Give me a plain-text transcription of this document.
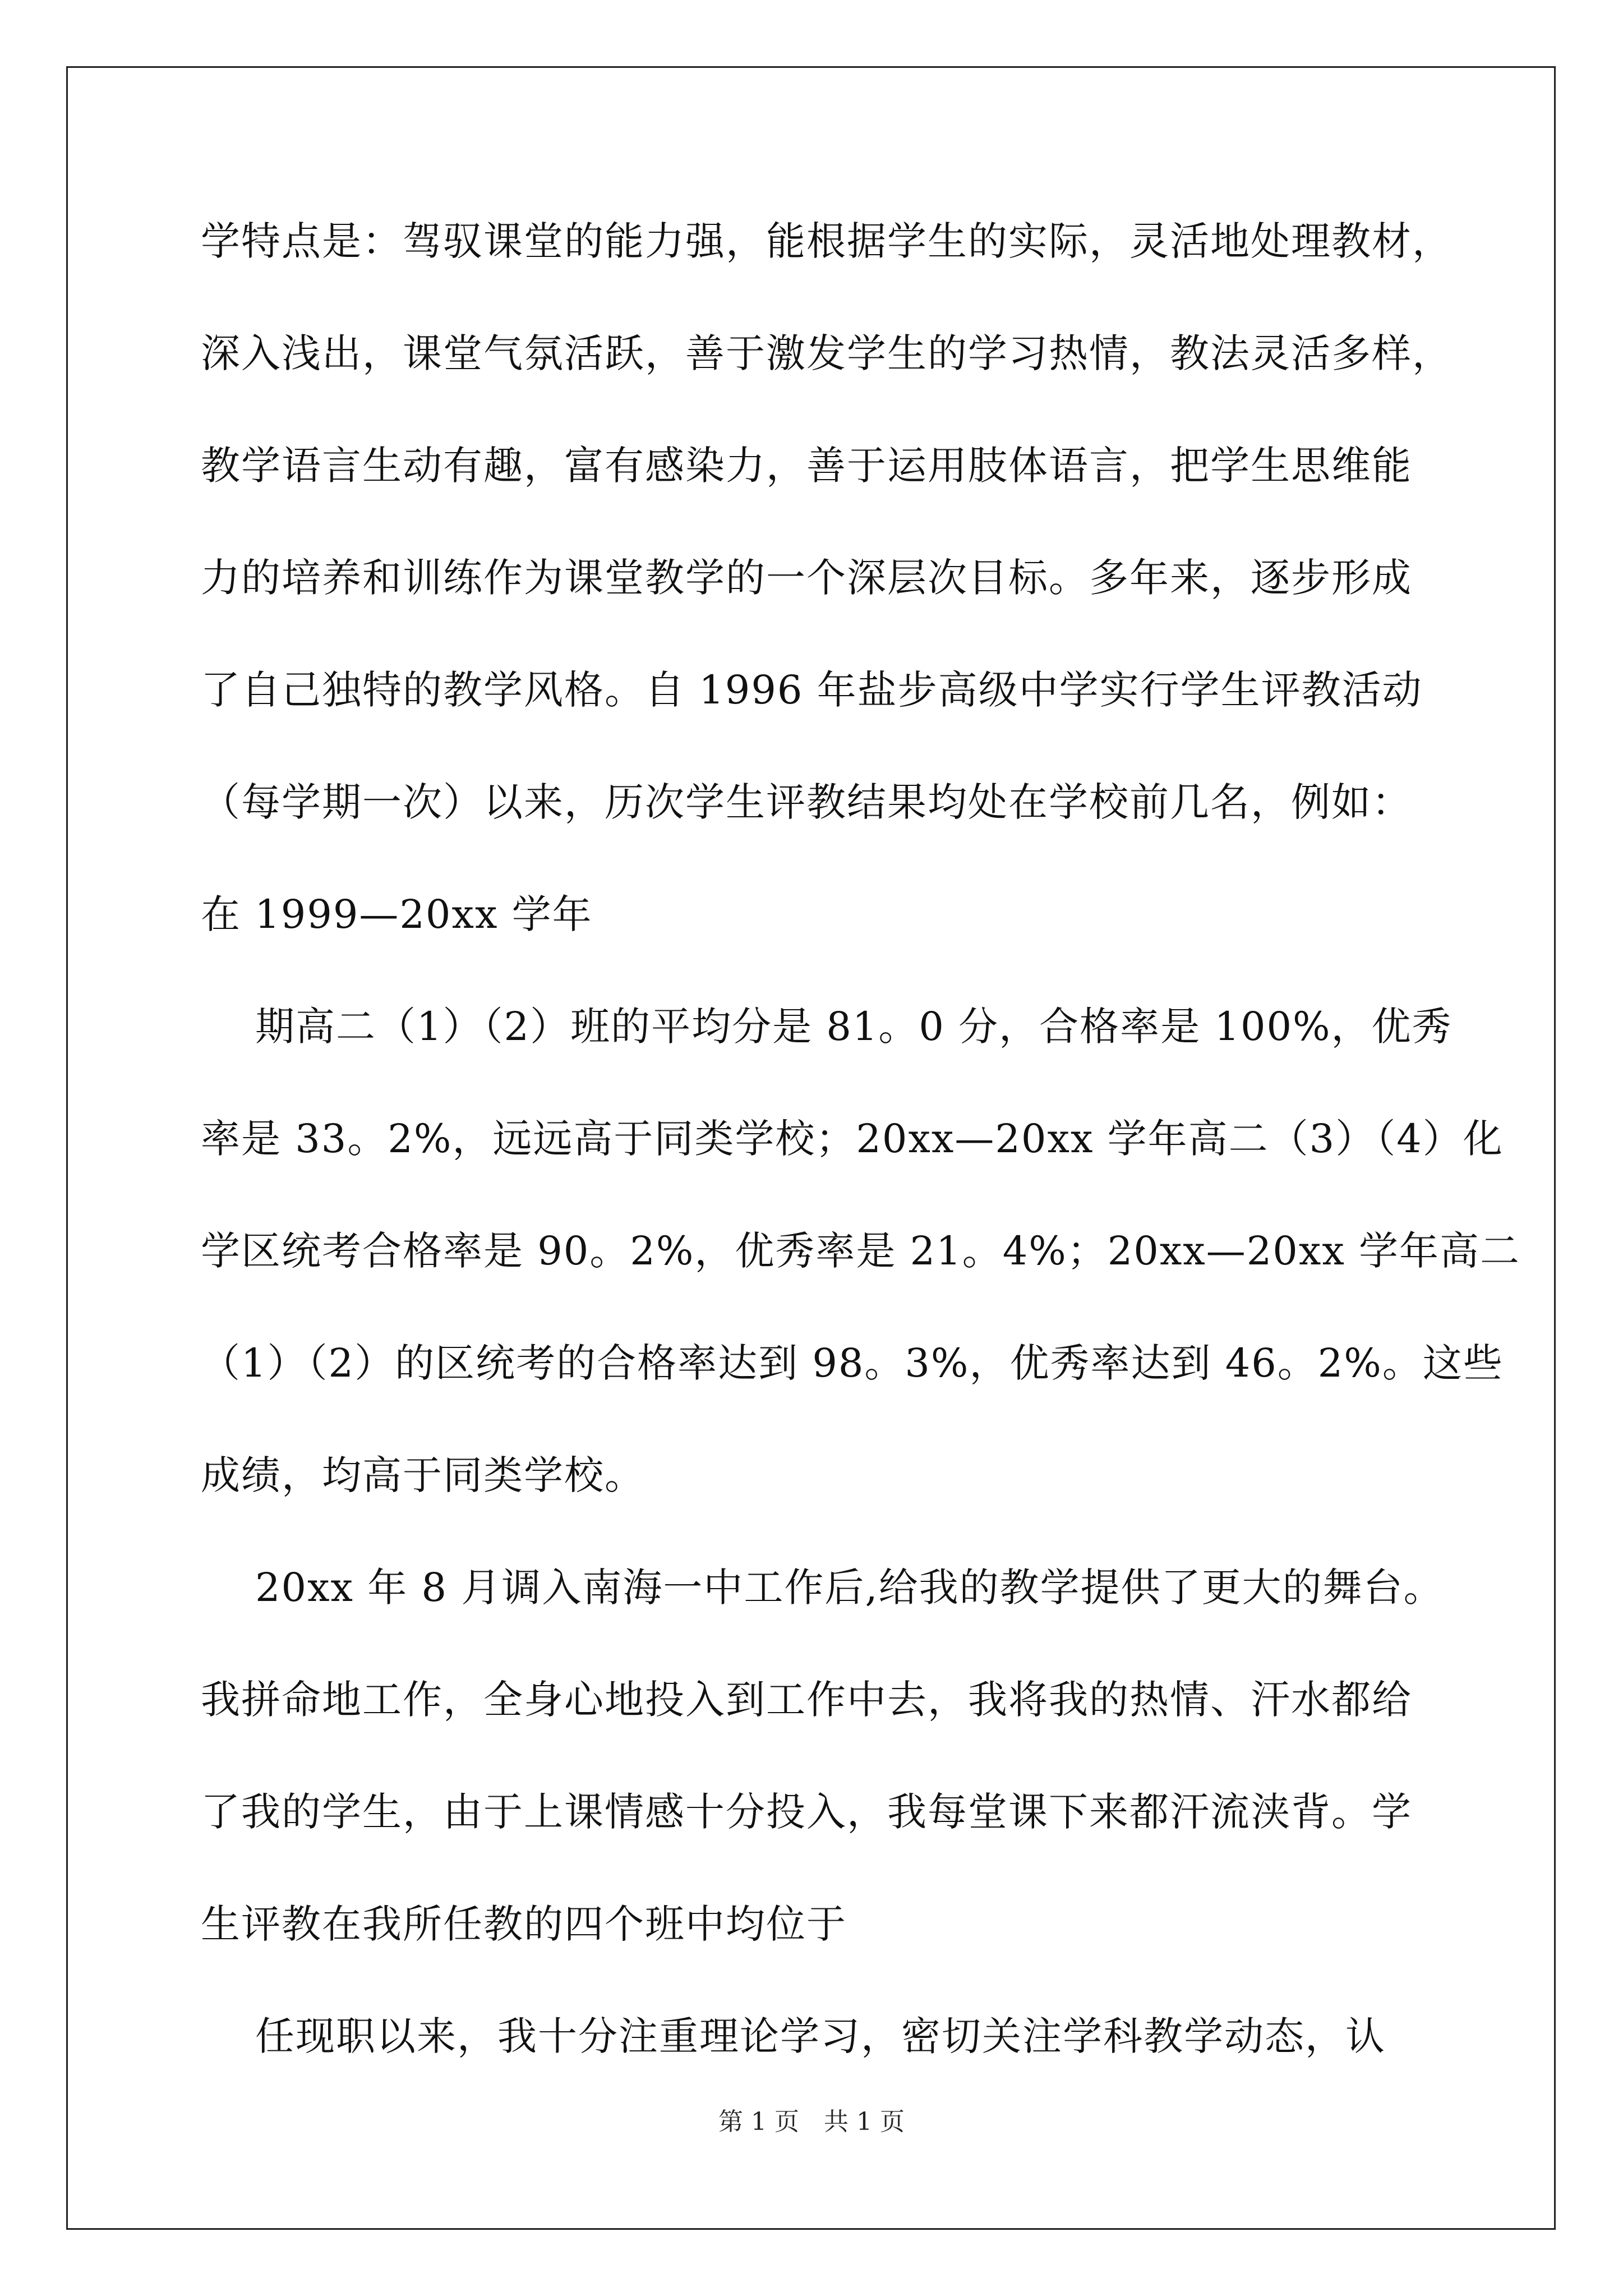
学特点是：驾驭课堂的能力强，能根据学生的实际，灵活地处理教材，
深入浅出，课堂气氛活跃，善于激发学生的学习热情，教法灵活多样，
教学语言生动有趣，富有感染力，善于运用肢体语言，把学生思维能
力的培养和训练作为课堂教学的一个深层次目标。多年来，逐步形成
了自己独特的教学风格。自 1996 年盐步高级中学实行学生评教活动
（每学期一次）以来，历次学生评教结果均处在学校前几名，例如：
在 1999—20xx 学年
期高二（1）（2）班的平均分是 81。0 分，合格率是 100%，优秀
率是 33。2%，远远高于同类学校；20xx—20xx 学年高二（3）（4）化
学区统考合格率是 90。2%，优秀率是 21。4%；20xx—20xx 学年高二
（1）（2）的区统考的合格率达到 98。3%，优秀率达到 46。2%。这些
成绩，均高于同类学校。
20xx 年 8 月调入南海一中工作后,给我的教学提供了更大的舞台。
我拼命地工作，全身心地投入到工作中去，我将我的热情、汗水都给
了我的学生，由于上课情感十分投入，我每堂课下来都汗流浃背。学
生评教在我所任教的四个班中均位于
任现职以来，我十分注重理论学习，密切关注学科教学动态，认
第 1 页　共 1 页
